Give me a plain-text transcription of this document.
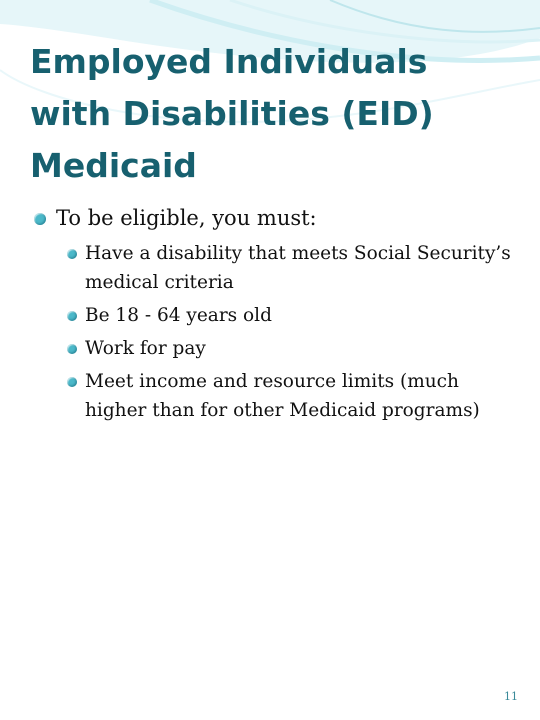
Employed Individuals
with Disabilities (EID)
Medicaid
To be eligible, you must:
Have a disability that meets Social Security’s medical criteria
Be 18 - 64 years old
Work for pay
Meet income and resource limits (much higher than for other Medicaid programs)
11
